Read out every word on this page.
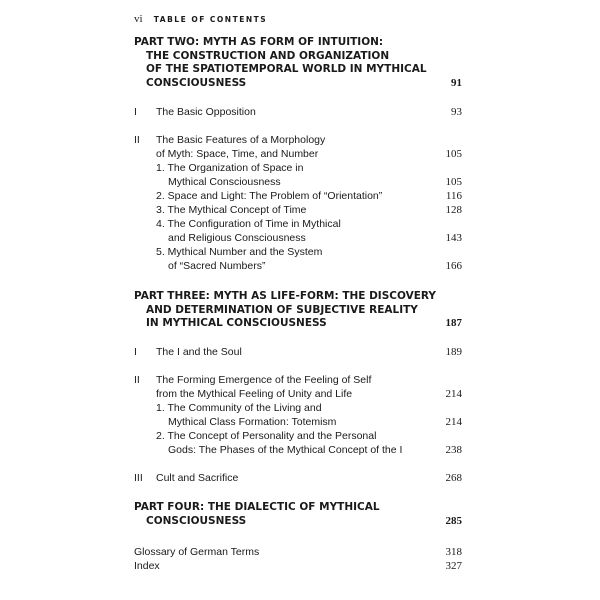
vi TABLE OF CONTENTS
PART TWO: MYTH AS FORM OF INTUITION:
THE CONSTRUCTION AND ORGANIZATION
OF THE SPATIOTEMPORAL WORLD IN MYTHICAL
CONSCIOUSNESS	91
I The Basic Opposition	93
II The Basic Features of a Morphology
of Myth: Space, Time, and Number	105
1. The Organization of Space in
Mythical Consciousness	105
2. Space and Light: The Problem of “Orientation”	116
3. The Mythical Concept of Time	128
4. The Configuration of Time in Mythical
and Religious Consciousness	143
5. Mythical Number and the System
of “Sacred Numbers”	166
PART THREE: MYTH AS LIFE-FORM: THE DISCOVERY
AND DETERMINATION OF SUBJECTIVE REALITY
IN MYTHICAL CONSCIOUSNESS	187
I The I and the Soul	189
II The Forming Emergence of the Feeling of Self
from the Mythical Feeling of Unity and Life	214
1. The Community of the Living and
Mythical Class Formation: Totemism	214
2. The Concept of Personality and the Personal
Gods: The Phases of the Mythical Concept of the I	238
III Cult and Sacrifice	268
PART FOUR: THE DIALECTIC OF MYTHICAL
CONSCIOUSNESS	285
Glossary of German Terms	318
Index	327
